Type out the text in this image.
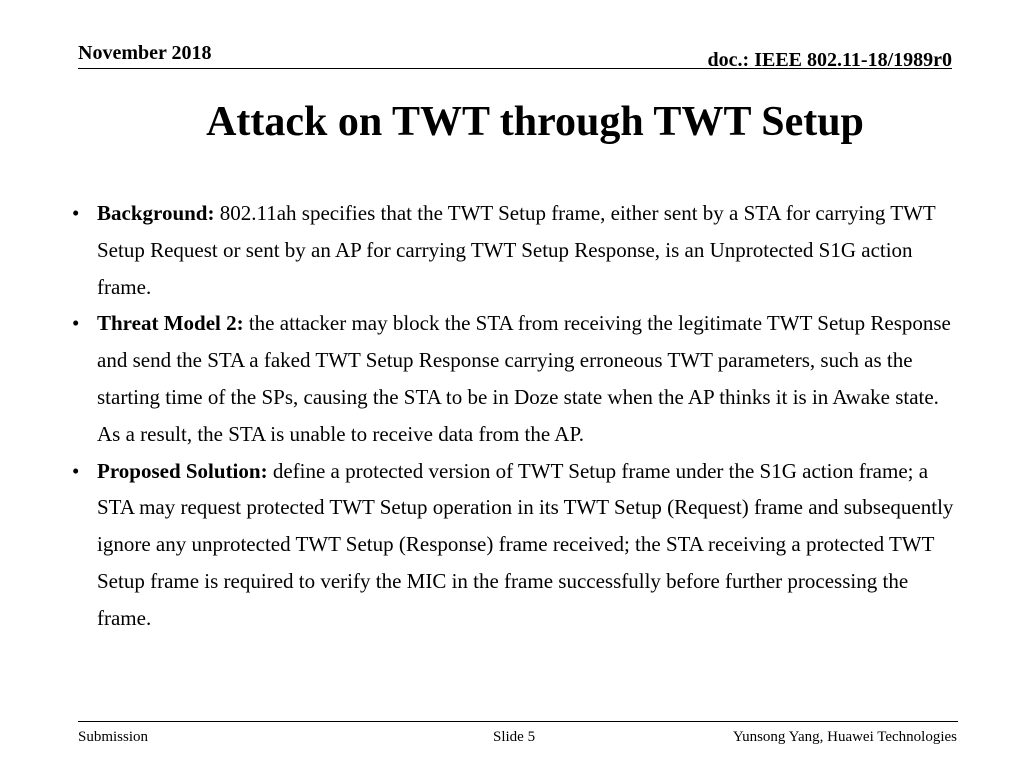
November 2018	doc.: IEEE 802.11-18/1989r0
Attack on TWT through TWT Setup
• Background: 802.11ah specifies that the TWT Setup frame, either sent by a STA for carrying TWT Setup Request or sent by an AP for carrying TWT Setup Response, is an Unprotected S1G action frame.
• Threat Model 2: the attacker may block the STA from receiving the legitimate TWT Setup Response and send the STA a faked TWT Setup Response carrying erroneous TWT parameters, such as the starting time of the SPs, causing the STA to be in Doze state when the AP thinks it is in Awake state. As a result, the STA is unable to receive data from the AP.
• Proposed Solution: define a protected version of TWT Setup frame under the S1G action frame; a STA may request protected TWT Setup operation in its TWT Setup (Request) frame and subsequently ignore any unprotected TWT Setup (Response) frame received; the STA receiving a protected TWT Setup frame is required to verify the MIC in the frame successfully before further processing the frame.
Submission	Slide 5	Yunsong Yang, Huawei Technologies
